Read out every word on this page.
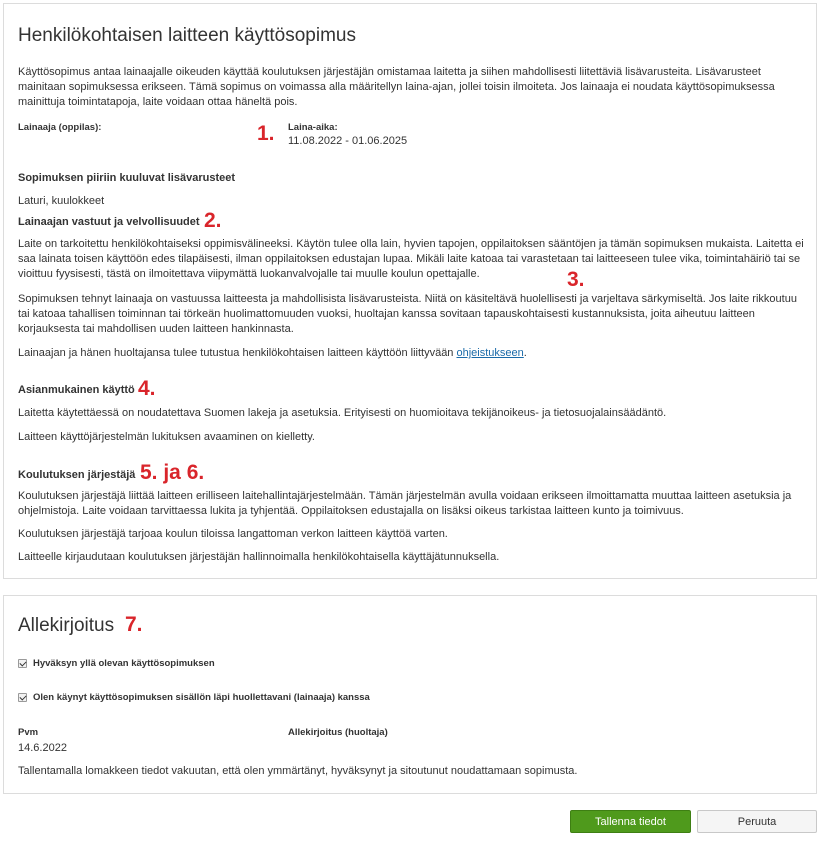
Henkilökohtaisen laitteen käyttösopimus

Käyttösopimus antaa lainaajalle oikeuden käyttää koulutuksen järjestäjän omistamaa laitetta ja siihen mahdollisesti liitettäviä lisävarusteita. Lisävarusteet mainitaan sopimuksessa erikseen. Tämä sopimus on voimassa alla määritellyn laina-ajan, jollei toisin ilmoiteta. Jos lainaaja ei noudata käyttösopimuksessa mainittuja toimintatapoja, laite voidaan ottaa häneltä pois.

Lainaaja (oppilas):	Laina-aika:
11.08.2022 - 01.06.2025
1.
Sopimuksen piiriin kuuluvat lisävarusteet
Laturi, kuulokkeet
Lainaajan vastuut ja velvollisuudet 2.

Laite on tarkoitettu henkilökohtaiseksi oppimisvälineeksi. Käytön tulee olla lain, hyvien tapojen, oppilaitoksen sääntöjen ja tämän sopimuksen mukaista. Laitetta ei saa lainata toisen käyttöön edes tilapäisesti, ilman oppilaitoksen edustajan lupaa. Mikäli laite katoaa tai varastetaan tai laitteeseen tulee vika, toimintahäiriö tai se vioittuu fyysisesti, tästä on ilmoitettava viipymättä luokanvalvojalle tai muulle koulun opettajalle.	3.

Sopimuksen tehnyt lainaaja on vastuussa laitteesta ja mahdollisista lisävarusteista. Niitä on käsiteltävä huolellisesti ja varjeltava särkymiseltä. Jos laite rikkoutuu tai katoaa tahallisen toiminnan tai törkeän huolimattomuuden vuoksi, huoltajan kanssa sovitaan tapauskohtaisesti kustannuksista, joita aiheutuu laitteen korjauksesta tai mahdollisen uuden laitteen hankinnasta.

Lainaajan ja hänen huoltajansa tulee tutustua henkilökohtaisen laitteen käyttöön liittyvään ohjeistukseen.

Asianmukainen käyttö 4.

Laitetta käytettäessä on noudatettava Suomen lakeja ja asetuksia. Erityisesti on huomioitava tekijänoikeus- ja tietosuojalainsäädäntö.

Laitteen käyttöjärjestelmän lukituksen avaaminen on kielletty.

Koulutuksen järjestäjä 5. ja 6.

Koulutuksen järjestäjä liittää laitteen erilliseen laitehallintajärjestelmään. Tämän järjestelmän avulla voidaan erikseen ilmoittamatta muuttaa laitteen asetuksia ja ohjelmistoja. Laite voidaan tarvittaessa lukita ja tyhjentää. Oppilaitoksen edustajalla on lisäksi oikeus tarkistaa laitteen kunto ja toimivuus.

Koulutuksen järjestäjä tarjoaa koulun tiloissa langattoman verkon laitteen käyttöä varten.

Laitteelle kirjaudutaan koulutuksen järjestäjän hallinnoimalla henkilökohtaisella käyttäjätunnuksella.

Allekirjoitus 7.
Hyväksyn yllä olevan käyttösopimuksen
Olen käynyt käyttösopimuksen sisällön läpi huollettavani (lainaaja) kanssa
Pvm
14.6.2022
Allekirjoitus (huoltaja)

Tallentamalla lomakkeen tiedot vakuutan, että olen ymmärtänyt, hyväksynyt ja sitoutunut noudattamaan sopimusta.

Tallenna tiedot	Peruuta
